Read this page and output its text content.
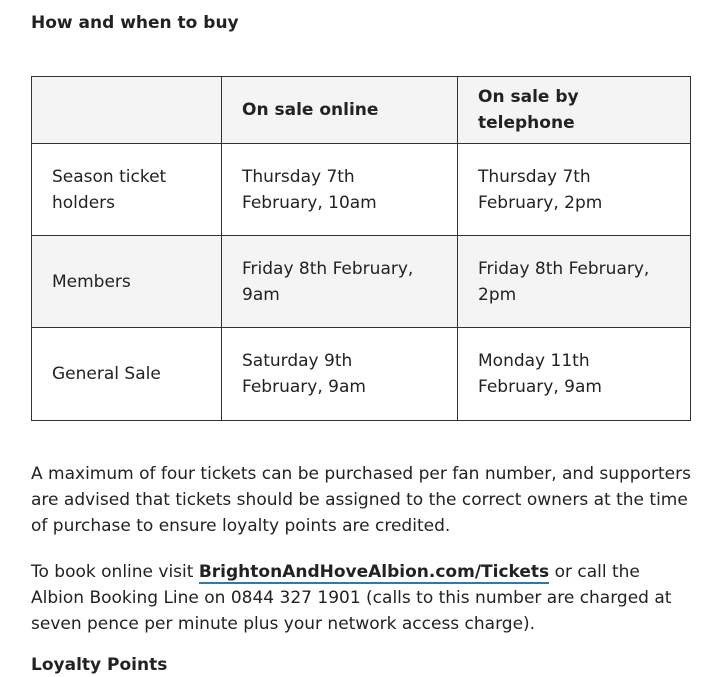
How and when to buy
	On sale online	On sale by telephone
Season ticket holders	Thursday 7th February, 10am	Thursday 7th February, 2pm
Members	Friday 8th February, 9am	Friday 8th February, 2pm
General Sale	Saturday 9th February, 9am	Monday 11th February, 9am

A maximum of four tickets can be purchased per fan number, and supporters are advised that tickets should be assigned to the correct owners at the time of purchase to ensure loyalty points are credited.

To book online visit BrightonAndHoveAlbion.com/Tickets or call the Albion Booking Line on 0844 327 1901 (calls to this number are charged at seven pence per minute plus your network access charge).

Loyalty Points
